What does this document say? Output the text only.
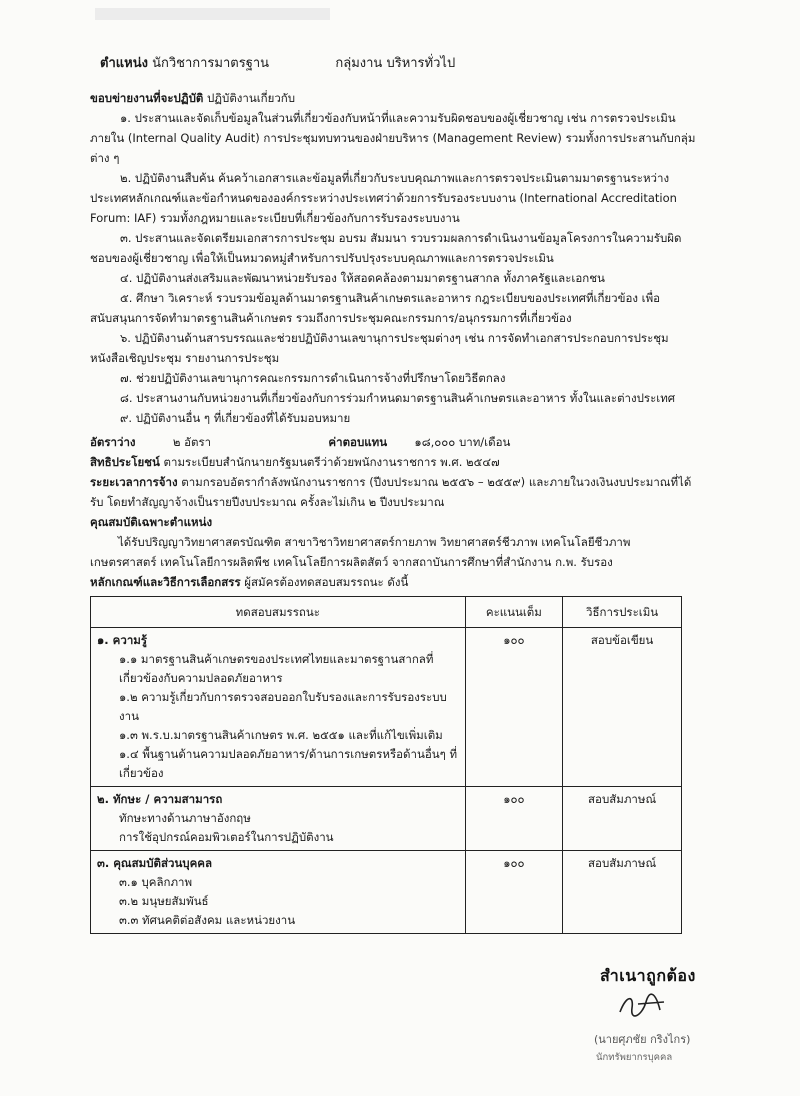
ตำแหน่ง นักวิชาการมาตรฐาน	กลุ่มงาน บริหารทั่วไป

ขอบข่ายงานที่จะปฏิบัติ ปฏิบัติงานเกี่ยวกับ

๑. ประสานและจัดเก็บข้อมูลในส่วนที่เกี่ยวข้องกับหน้าที่และความรับผิดชอบของผู้เชี่ยวชาญ เช่น การตรวจประเมินภายใน (Internal Quality Audit) การประชุมทบทวนของฝ่ายบริหาร (Management Review) รวมทั้งการประสานกับกลุ่มต่าง ๆ

๒. ปฏิบัติงานสืบค้น ค้นคว้าเอกสารและข้อมูลที่เกี่ยวกับระบบคุณภาพและการตรวจประเมินตามมาตรฐานระหว่างประเทศหลักเกณฑ์และข้อกำหนดขององค์กรระหว่างประเทศว่าด้วยการรับรองระบบงาน (International Accreditation Forum: IAF) รวมทั้งกฎหมายและระเบียบที่เกี่ยวข้องกับการรับรองระบบงาน

๓. ประสานและจัดเตรียมเอกสารการประชุม อบรม สัมมนา รวบรวมผลการดำเนินงานข้อมูลโครงการในความรับผิดชอบของผู้เชี่ยวชาญ เพื่อให้เป็นหมวดหมู่สำหรับการปรับปรุงระบบคุณภาพและการตรวจประเมิน

๔. ปฏิบัติงานส่งเสริมและพัฒนาหน่วยรับรอง ให้สอดคล้องตามมาตรฐานสากล ทั้งภาครัฐและเอกชน

๕. ศึกษา วิเคราะห์ รวบรวมข้อมูลด้านมาตรฐานสินค้าเกษตรและอาหาร กฎระเบียบของประเทศที่เกี่ยวข้อง เพื่อสนับสนุนการจัดทำมาตรฐานสินค้าเกษตร รวมถึงการประชุมคณะกรรมการ/อนุกรรมการที่เกี่ยวข้อง

๖. ปฏิบัติงานด้านสารบรรณและช่วยปฏิบัติงานเลขานุการประชุมต่างๆ เช่น การจัดทำเอกสารประกอบการประชุม หนังสือเชิญประชุม รายงานการประชุม

๗. ช่วยปฏิบัติงานเลขานุการคณะกรรมการดำเนินการจ้างที่ปรึกษาโดยวิธีตกลง

๘. ประสานงานกับหน่วยงานที่เกี่ยวข้องกับการร่วมกำหนดมาตรฐานสินค้าเกษตรและอาหาร ทั้งในและต่างประเทศ

๙. ปฏิบัติงานอื่น ๆ ที่เกี่ยวข้องที่ได้รับมอบหมาย

อัตราว่าง	๒ อัตรา	ค่าตอบแทน ๑๘,๐๐๐ บาท/เดือน

สิทธิประโยชน์ ตามระเบียบสำนักนายกรัฐมนตรีว่าด้วยพนักงานราชการ พ.ศ. ๒๕๔๗

ระยะเวลาการจ้าง ตามกรอบอัตรากำลังพนักงานราชการ (ปีงบประมาณ ๒๕๕๖ – ๒๕๕๙) และภายในวงเงินงบประมาณที่ได้รับ โดยทำสัญญาจ้างเป็นรายปีงบประมาณ ครั้งละไม่เกิน ๒ ปีงบประมาณ

คุณสมบัติเฉพาะตำแหน่ง

ได้รับปริญญาวิทยาศาสตรบัณฑิต สาขาวิชาวิทยาศาสตร์กายภาพ วิทยาศาสตร์ชีวภาพ เทคโนโลยีชีวภาพ เกษตรศาสตร์ เทคโนโลยีการผลิตพืช เทคโนโลยีการผลิตสัตว์ จากสถาบันการศึกษาที่สำนักงาน ก.พ. รับรอง

หลักเกณฑ์และวิธีการเลือกสรร ผู้สมัครต้องทดสอบสมรรถนะ ดังนี้

ทดสอบสมรรถนะ	คะแนนเต็ม	วิธีการประเมิน

๑. ความรู้
๑.๑ มาตรฐานสินค้าเกษตรของประเทศไทยและมาตรฐานสากลที่เกี่ยวข้องกับความปลอดภัยอาหาร
๑.๒ ความรู้เกี่ยวกับการตรวจสอบออกใบรับรองและการรับรองระบบงาน
๑.๓ พ.ร.บ.มาตรฐานสินค้าเกษตร พ.ศ. ๒๕๕๑ และที่แก้ไขเพิ่มเติม
๑.๔ พื้นฐานด้านความปลอดภัยอาหาร/ด้านการเกษตรหรือด้านอื่นๆ ที่เกี่ยวข้อง	๑๐๐	สอบข้อเขียน

๒. ทักษะ / ความสามารถ
ทักษะทางด้านภาษาอังกฤษ
การใช้อุปกรณ์คอมพิวเตอร์ในการปฏิบัติงาน	๑๐๐	สอบสัมภาษณ์

๓. คุณสมบัติส่วนบุคคล
๓.๑ บุคลิกภาพ
๓.๒ มนุษยสัมพันธ์
๓.๓ ทัศนคติต่อสังคม และหน่วยงาน	๑๐๐	สอบสัมภาษณ์
สำเนาถูกต้อง
(นายศุภชัย กริงไกร)
นักทรัพยากรบุคคล
